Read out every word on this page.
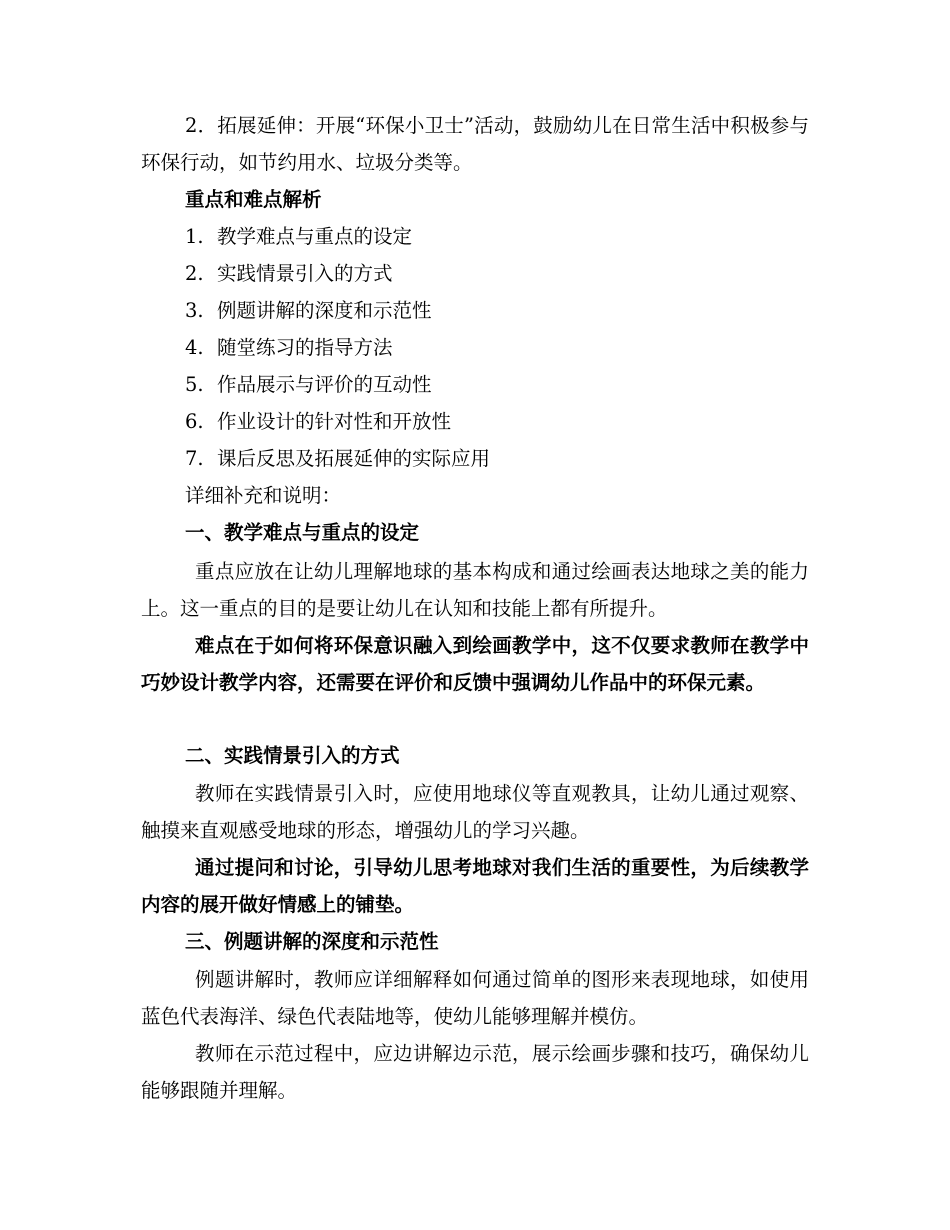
2．拓展延伸：开展“环保小卫士”活动，鼓励幼儿在日常生活中积极参与环保行动，如节约用水、垃圾分类等。

重点和难点解析

1. 教学难点与重点的设定
2. 实践情景引入的方式
3. 例题讲解的深度和示范性
4. 随堂练习的指导方法
5. 作品展示与评价的互动性
6. 作业设计的针对性和开放性
7. 课后反思及拓展延伸的实际应用

详细补充和说明：

一、教学难点与重点的设定

重点应放在让幼儿理解地球的基本构成和通过绘画表达地球之美的能力上。这一重点的目的是要让幼儿在认知和技能上都有所提升。

难点在于如何将环保意识融入到绘画教学中，这不仅要求教师在教学中巧妙设计教学内容，还需要在评价和反馈中强调幼儿作品中的环保元素。

二、实践情景引入的方式

教师在实践情景引入时，应使用地球仪等直观教具，让幼儿通过观察、触摸来直观感受地球的形态，增强幼儿的学习兴趣。

通过提问和讨论，引导幼儿思考地球对我们生活的重要性，为后续教学内容的展开做好情感上的铺垫。

三、例题讲解的深度和示范性

例题讲解时，教师应详细解释如何通过简单的图形来表现地球，如使用蓝色代表海洋、绿色代表陆地等，使幼儿能够理解并模仿。

教师在示范过程中，应边讲解边示范，展示绘画步骤和技巧，确保幼儿能够跟随并理解。
